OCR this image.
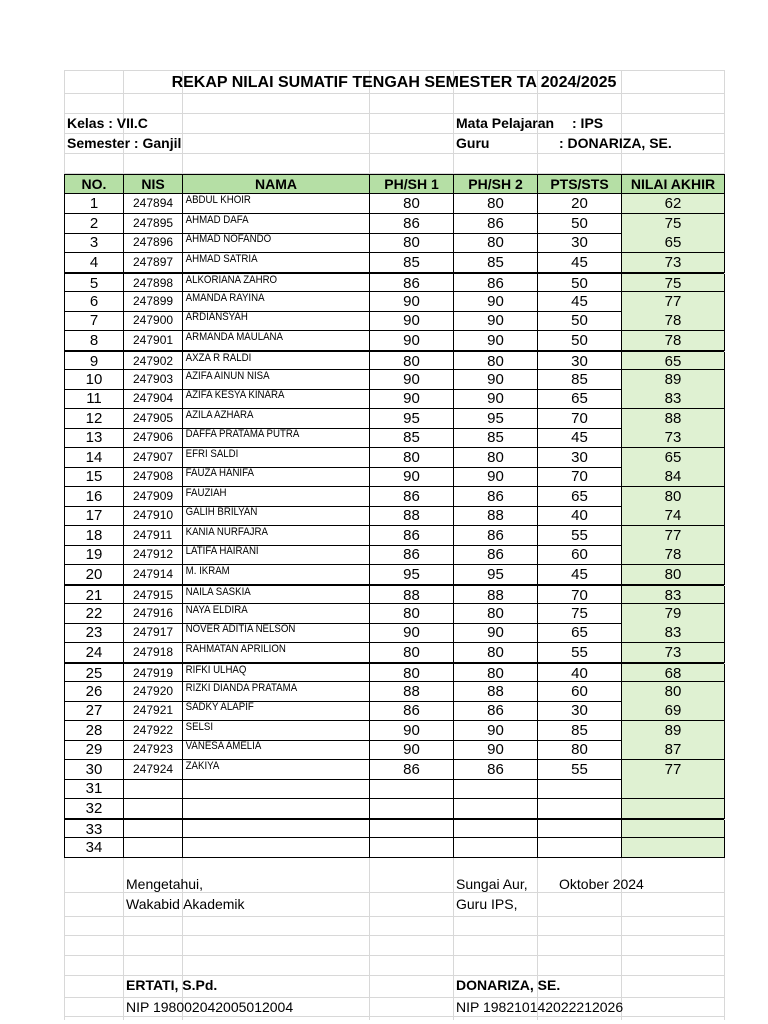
REKAP NILAI SUMATIF TENGAH SEMESTER TA 2024/2025
Kelas : VII.C	Mata Pelajaran : IPS
Semester : Ganjil	Guru	: DONARIZA, SE.
NO.	NIS	NAMA	PH/SH 1	PH/SH 2	PTS/STS	NILAI AKHIR
1	247894	ABDUL KHOIR	80	80	20	62
2	247895	AHMAD DAFA	86	86	50	75
3	247896	AHMAD NOFANDO	80	80	30	65
4	247897	AHMAD SATRIA	85	85	45	73
5	247898	ALKORIANA ZAHRO	86	86	50	75
6	247899	AMANDA RAYINA	90	90	45	77
7	247900	ARDIANSYAH	90	90	50	78
8	247901	ARMANDA MAULANA	90	90	50	78
9	247902	AXZA R RALDI	80	80	30	65
10	247903	AZIFA AINUN NISA	90	90	85	89
11	247904	AZIFA KESYA KINARA	90	90	65	83
12	247905	AZILA AZHARA	95	95	70	88
13	247906	DAFFA PRATAMA PUTRA	85	85	45	73
14	247907	EFRI SALDI	80	80	30	65
15	247908	FAUZA HANIFA	90	90	70	84
16	247909	FAUZIAH	86	86	65	80
17	247910	GALIH BRILYAN	88	88	40	74
18	247911	KANIA NURFAJRA	86	86	55	77
19	247912	LATIFA HAIRANI	86	86	60	78
20	247914	M. IKRAM	95	95	45	80
21	247915	NAILA SASKIA	88	88	70	83
22	247916	NAYA ELDIRA	80	80	75	79
23	247917	NOVER ADITIA NELSON	90	90	65	83
24	247918	RAHMATAN APRILION	80	80	55	73
25	247919	RIFKI ULHAQ	80	80	40	68
26	247920	RIZKI DIANDA PRATAMA	88	88	60	80
27	247921	SADKY ALAPIF	86	86	30	69
28	247922	SELSI	90	90	85	89
29	247923	VANESA AMELIA	90	90	80	87
30	247924	ZAKIYA	86	86	55	77
31
32
33
34
Mengetahui,	Sungai Aur, Oktober 2024
Wakabid Akademik	Guru IPS,
ERTATI, S.Pd.	DONARIZA, SE.
NIP 198002042005012004	NIP 198210142022212026
